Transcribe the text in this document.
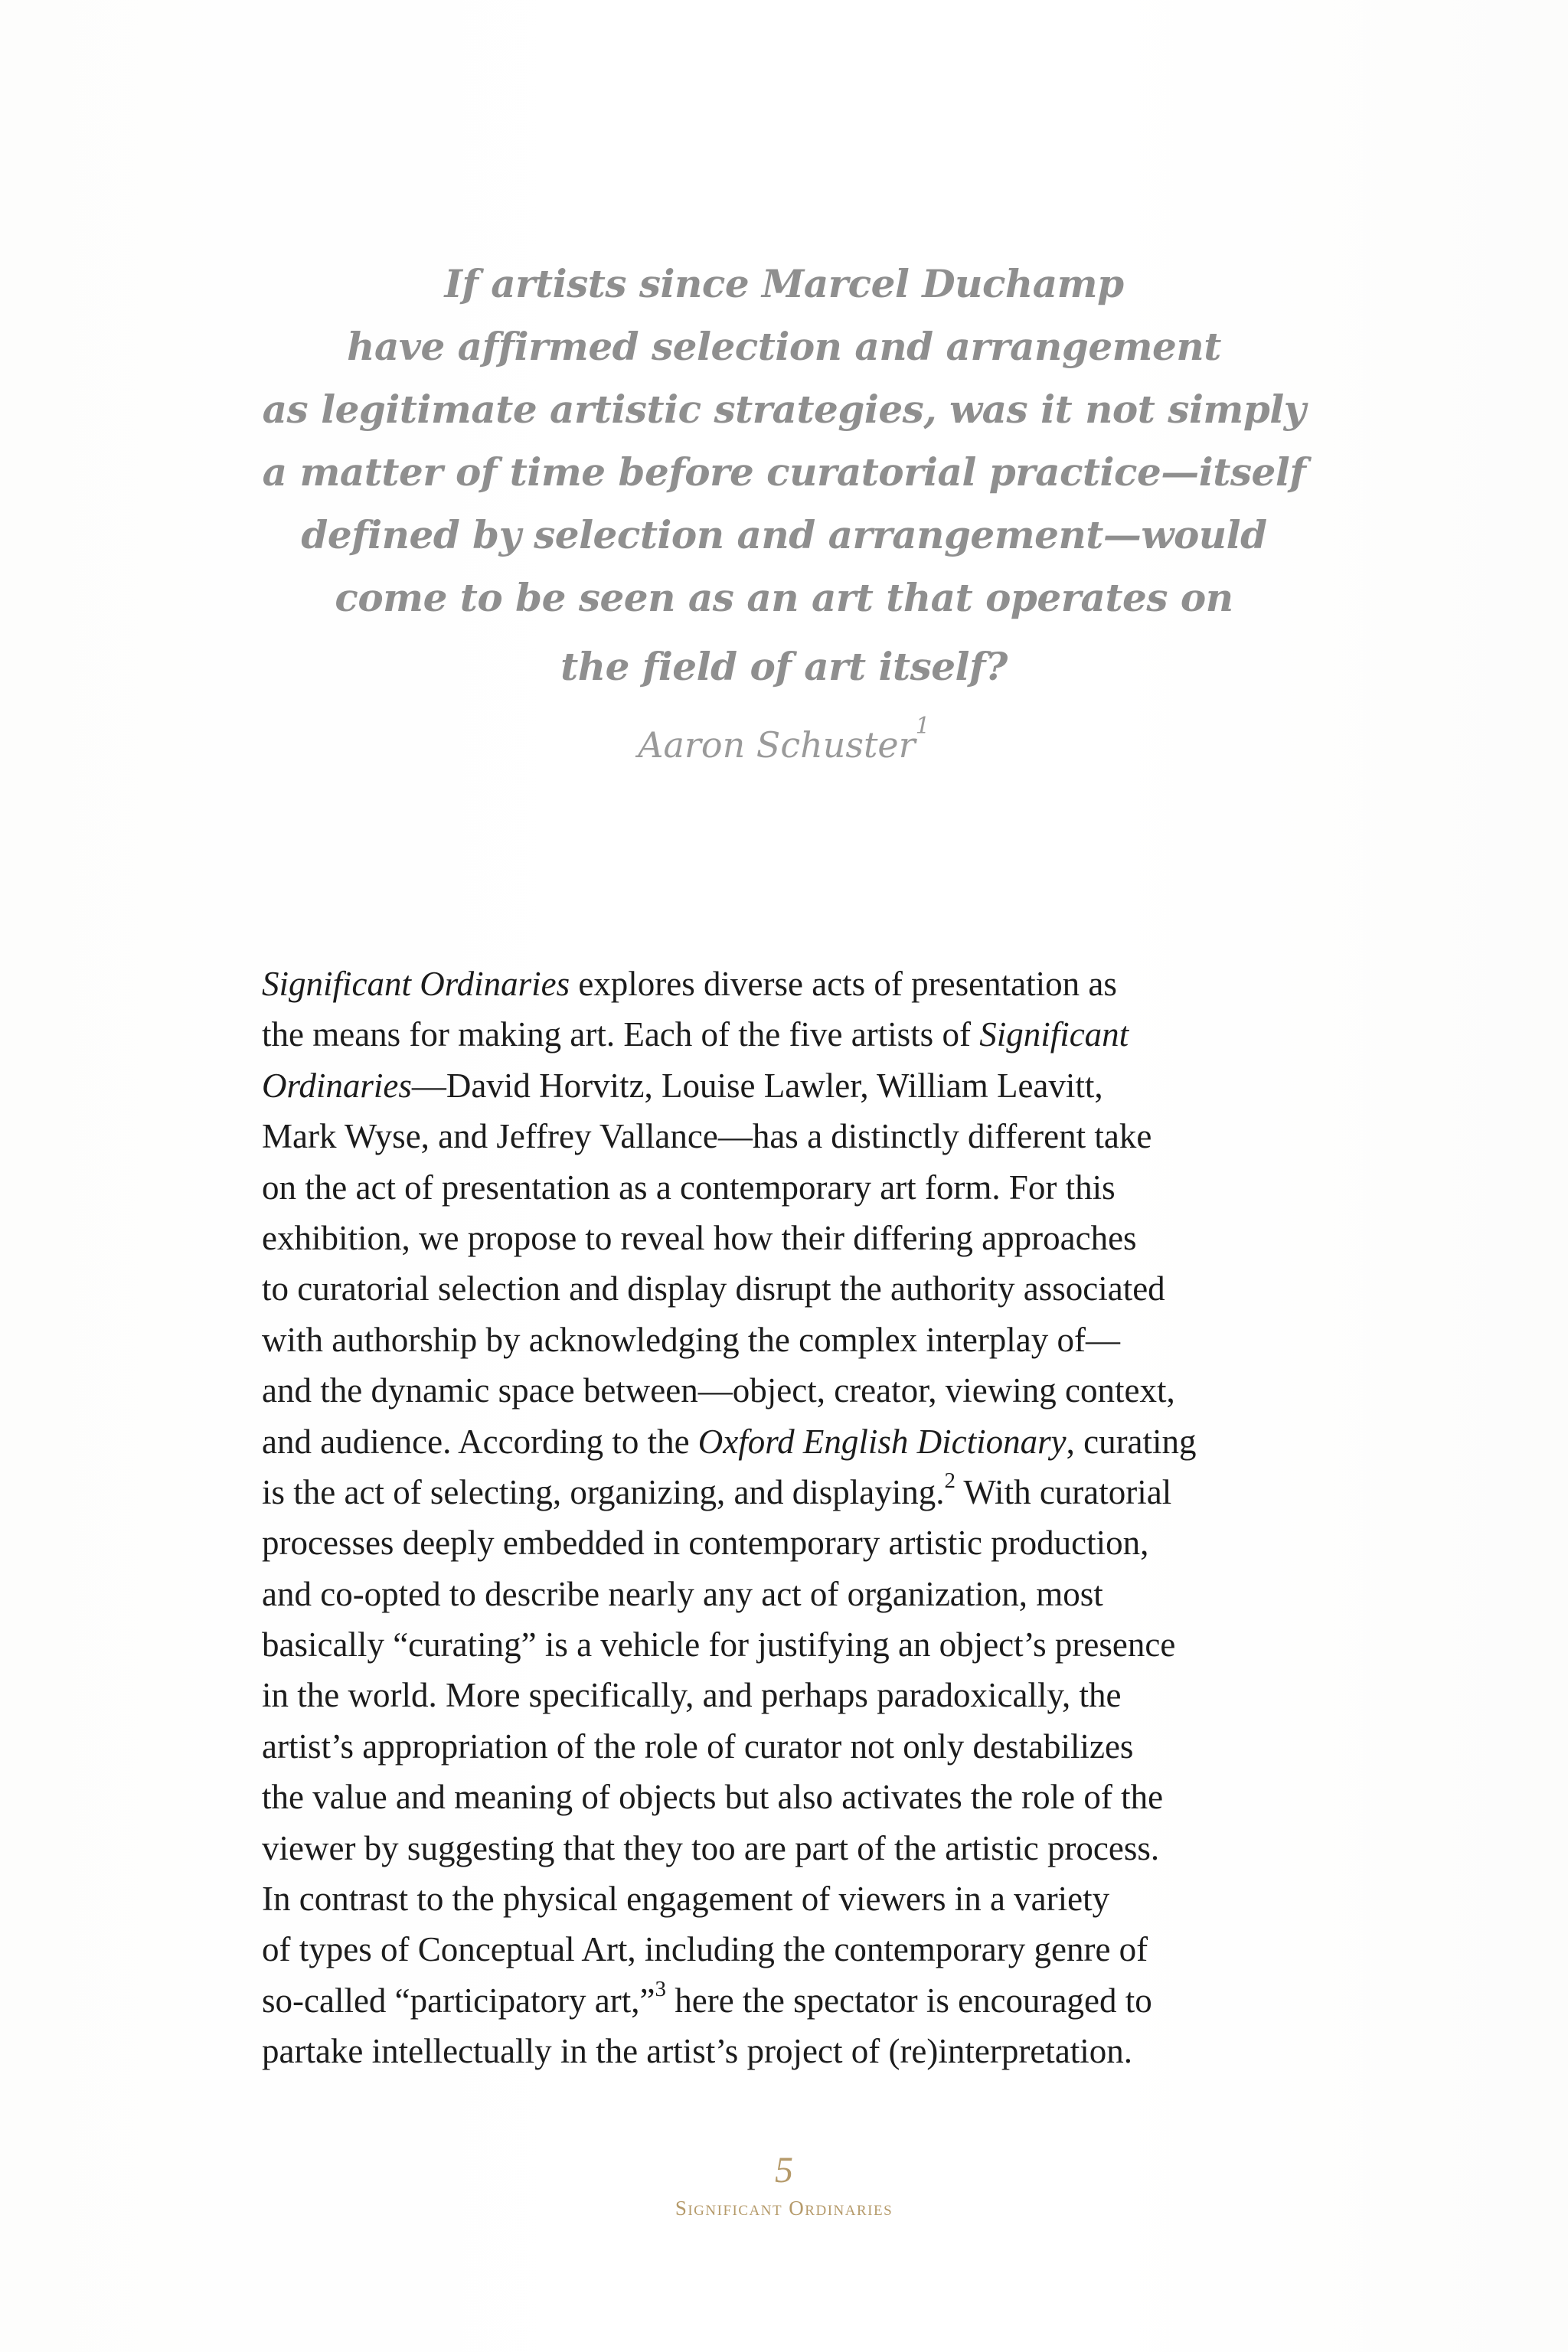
If artists since Marcel Duchamp
have affirmed selection and arrangement
as legitimate artistic strategies, was it not simply
a matter of time before curatorial practice—itself
defined by selection and arrangement—would
come to be seen as an art that operates on
the field of art itself?
Aaron Schuster$^1$
Significant Ordinaries explores diverse acts of presentation as
the means for making art. Each of the five artists of Significant
Ordinaries—David Horvitz, Louise Lawler, William Leavitt,
Mark Wyse, and Jeffrey Vallance—has a distinctly different take
on the act of presentation as a contemporary art form. For this
exhibition, we propose to reveal how their differing approaches
to curatorial selection and display disrupt the authority associated
with authorship by acknowledging the complex interplay of—
and the dynamic space between—object, creator, viewing context,
and audience. According to the Oxford English Dictionary, curating
is the act of selecting, organizing, and displaying.$^2$ With curatorial
processes deeply embedded in contemporary artistic production,
and co-opted to describe nearly any act of organization, most
basically “curating” is a vehicle for justifying an object’s presence
in the world. More specifically, and perhaps paradoxically, the
artist’s appropriation of the role of curator not only destabilizes
the value and meaning of objects but also activates the role of the
viewer by suggesting that they too are part of the artistic process.
In contrast to the physical engagement of viewers in a variety
of types of Conceptual Art, including the contemporary genre of
so-called “participatory art,”$^3$ here the spectator is encouraged to
partake intellectually in the artist’s project of (re)interpretation.
5
Significant Ordinaries
